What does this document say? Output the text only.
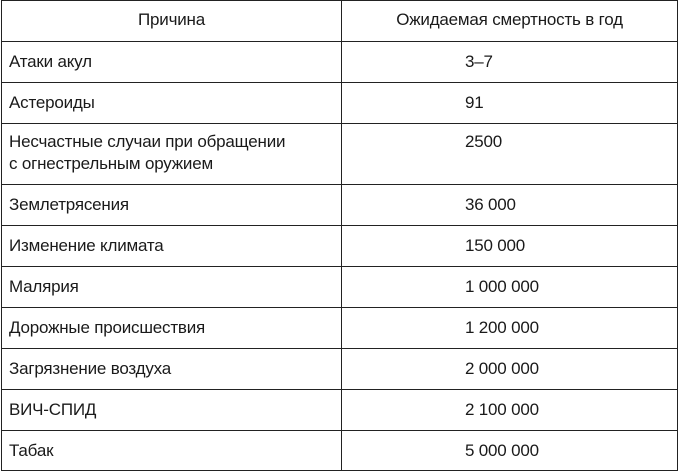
Причина	Ожидаемая смертность в год

Атаки акул	3–7

Астероиды	91

Несчастные случаи при обращении
с огнестрельным оружием	2500

Землетрясения	36 000

Изменение климата	150 000

Малярия	1 000 000

Дорожные происшествия	1 200 000

Загрязнение воздуха	2 000 000

ВИЧ-СПИД	2 100 000

Табак	5 000 000
